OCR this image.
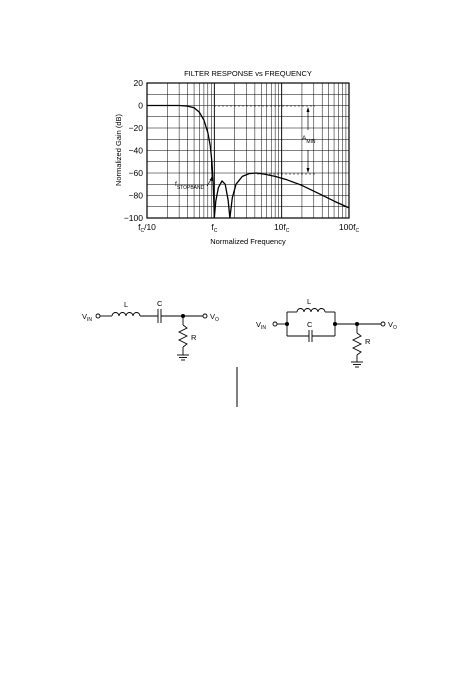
FILTER RESPONSE vs FREQUENCY
20
0
−20
−40
−60
−80
−100
$f_C/10$	$f_C$	$10f_C$	$100f_C$
Normalized Frequency
Normalized Gain (dB)	$A_{MIN}$
$f_{STOPBAND}$
$V_{IN}$
L	C
$V_O$
R
$V_{IN}$
L
C	$V_O$
R
